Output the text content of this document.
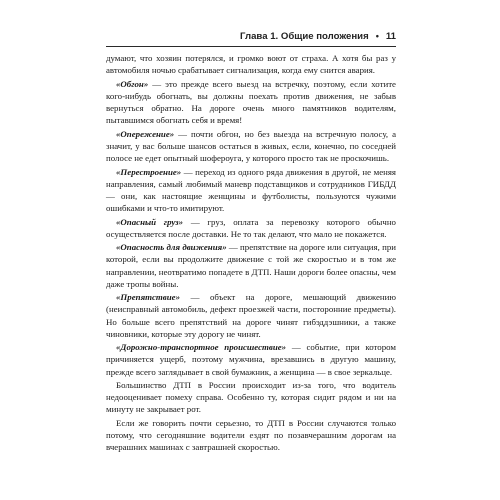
Глава 1. Общие положения • 11

думают, что хозяин потерялся, и громко воют от страха. А хотя бы раз у автомобиля ночью срабатывает сигнализация, когда ему снится авария.

«Обгон» — это прежде всего выезд на встречку, поэтому, если хотите кого-нибудь обогнать, вы должны поехать против движения, не забыв вернуться обратно. На дороге очень много памятников водителям, пытавшимся обогнать себя и время!

«Опережение» — почти обгон, но без выезда на встречную полосу, а значит, у вас больше шансов остаться в живых, если, конечно, по соседней полосе не едет опытный шофероуга, у которого просто так не проскочишь.

«Перестроение» — переход из одного ряда движения в другой, не меняя направления, самый любимый маневр подставщиков и сотрудников ГИБДД — они, как настоящие женщины и футболисты, пользуются чужими ошибками и что-то имитируют.

«Опасный груз» — груз, оплата за перевозку которого обычно осуществляется после доставки. Не то так делают, что мало не покажется.

«Опасность для движения» — препятствие на дороге или ситуация, при которой, если вы продолжите движение с той же скоростью и в том же направлении, неотвратимо попадете в ДТП. Наши дороги более опасны, чем даже тропы войны.

«Препятствие» — объект на дороге, мешающий движению (неисправный автомобиль, дефект проезжей части, посторонние предметы). Но больше всего препятствий на дороге чинят гибэддэшники, а также чиновники, которые эту дорогу не чинят.

«Дорожно-транспортное происшествие» — событие, при котором причиняется ущерб, поэтому мужчина, врезавшись в другую машину, прежде всего заглядывает в свой бумажник, а женщина — в свое зеркальце.

Большинство ДТП в России происходит из-за того, что водитель недооценивает помеху справа. Особенно ту, которая сидит рядом и ни на минуту не закрывает рот.

Если же говорить почти серьезно, то ДТП в России случаются только потому, что сегодняшние водители ездят по позавчерашним дорогам на вчерашних машинах с завтрашней скоростью.
